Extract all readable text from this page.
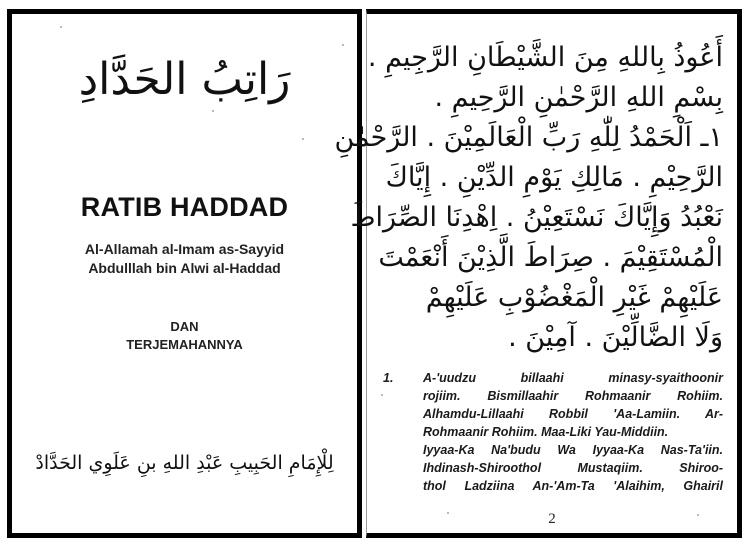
رَاتِبُ الحَدَّادِ
RATIB HADDAD
Al-Allamah al-Imam as-Sayyid
Abdulllah bin Alwi al-Haddad
DAN
TERJEMAHANNYA
لِلْإِمَامِ الحَبِيبِ عَبْدِ اللهِ بنِ عَلَوِي الحَدَّادْ
أَعُوذُ بِاللهِ مِنَ الشَّيْطَانِ الرَّجِيمِ .
بِسْمِ اللهِ الرَّحْمٰنِ الرَّحِيمِ .
١ـ اَلْحَمْدُ لِلّٰهِ رَبِّ الْعَالَمِيْنَ . الرَّحْمٰنِ
الرَّحِيْمِ . مَالِكِ يَوْمِ الدِّيْنِ . إِيَّاكَ
نَعْبُدُ وَإِيَّاكَ نَسْتَعِيْنُ . اِهْدِنَا الصِّرَاطَ
الْمُسْتَقِيْمَ . صِرَاطَ الَّذِيْنَ أَنْعَمْتَ
عَلَيْهِمْ غَيْرِ الْمَغْضُوْبِ عَلَيْهِمْ
وَلَا الضَّالِّيْنَ . آمِيْنَ .
1.	A-'uudzu billaahi minasy-syaithoonir
rojiim. Bismillaahir Rohmaanir Rohiim.
Alhamdu-Lillaahi Robbil 'Aa-Lamiin. Ar-
Rohmaanir Rohiim. Maa-Liki Yau-Middiin.
Iyyaa-Ka Na'budu Wa Iyyaa-Ka Nas-Ta'iin.
Ihdinash-Shiroothol Mustaqiim. Shiroo-
thol Ladziina An-'Am-Ta 'Alaihim, Ghairil
2
